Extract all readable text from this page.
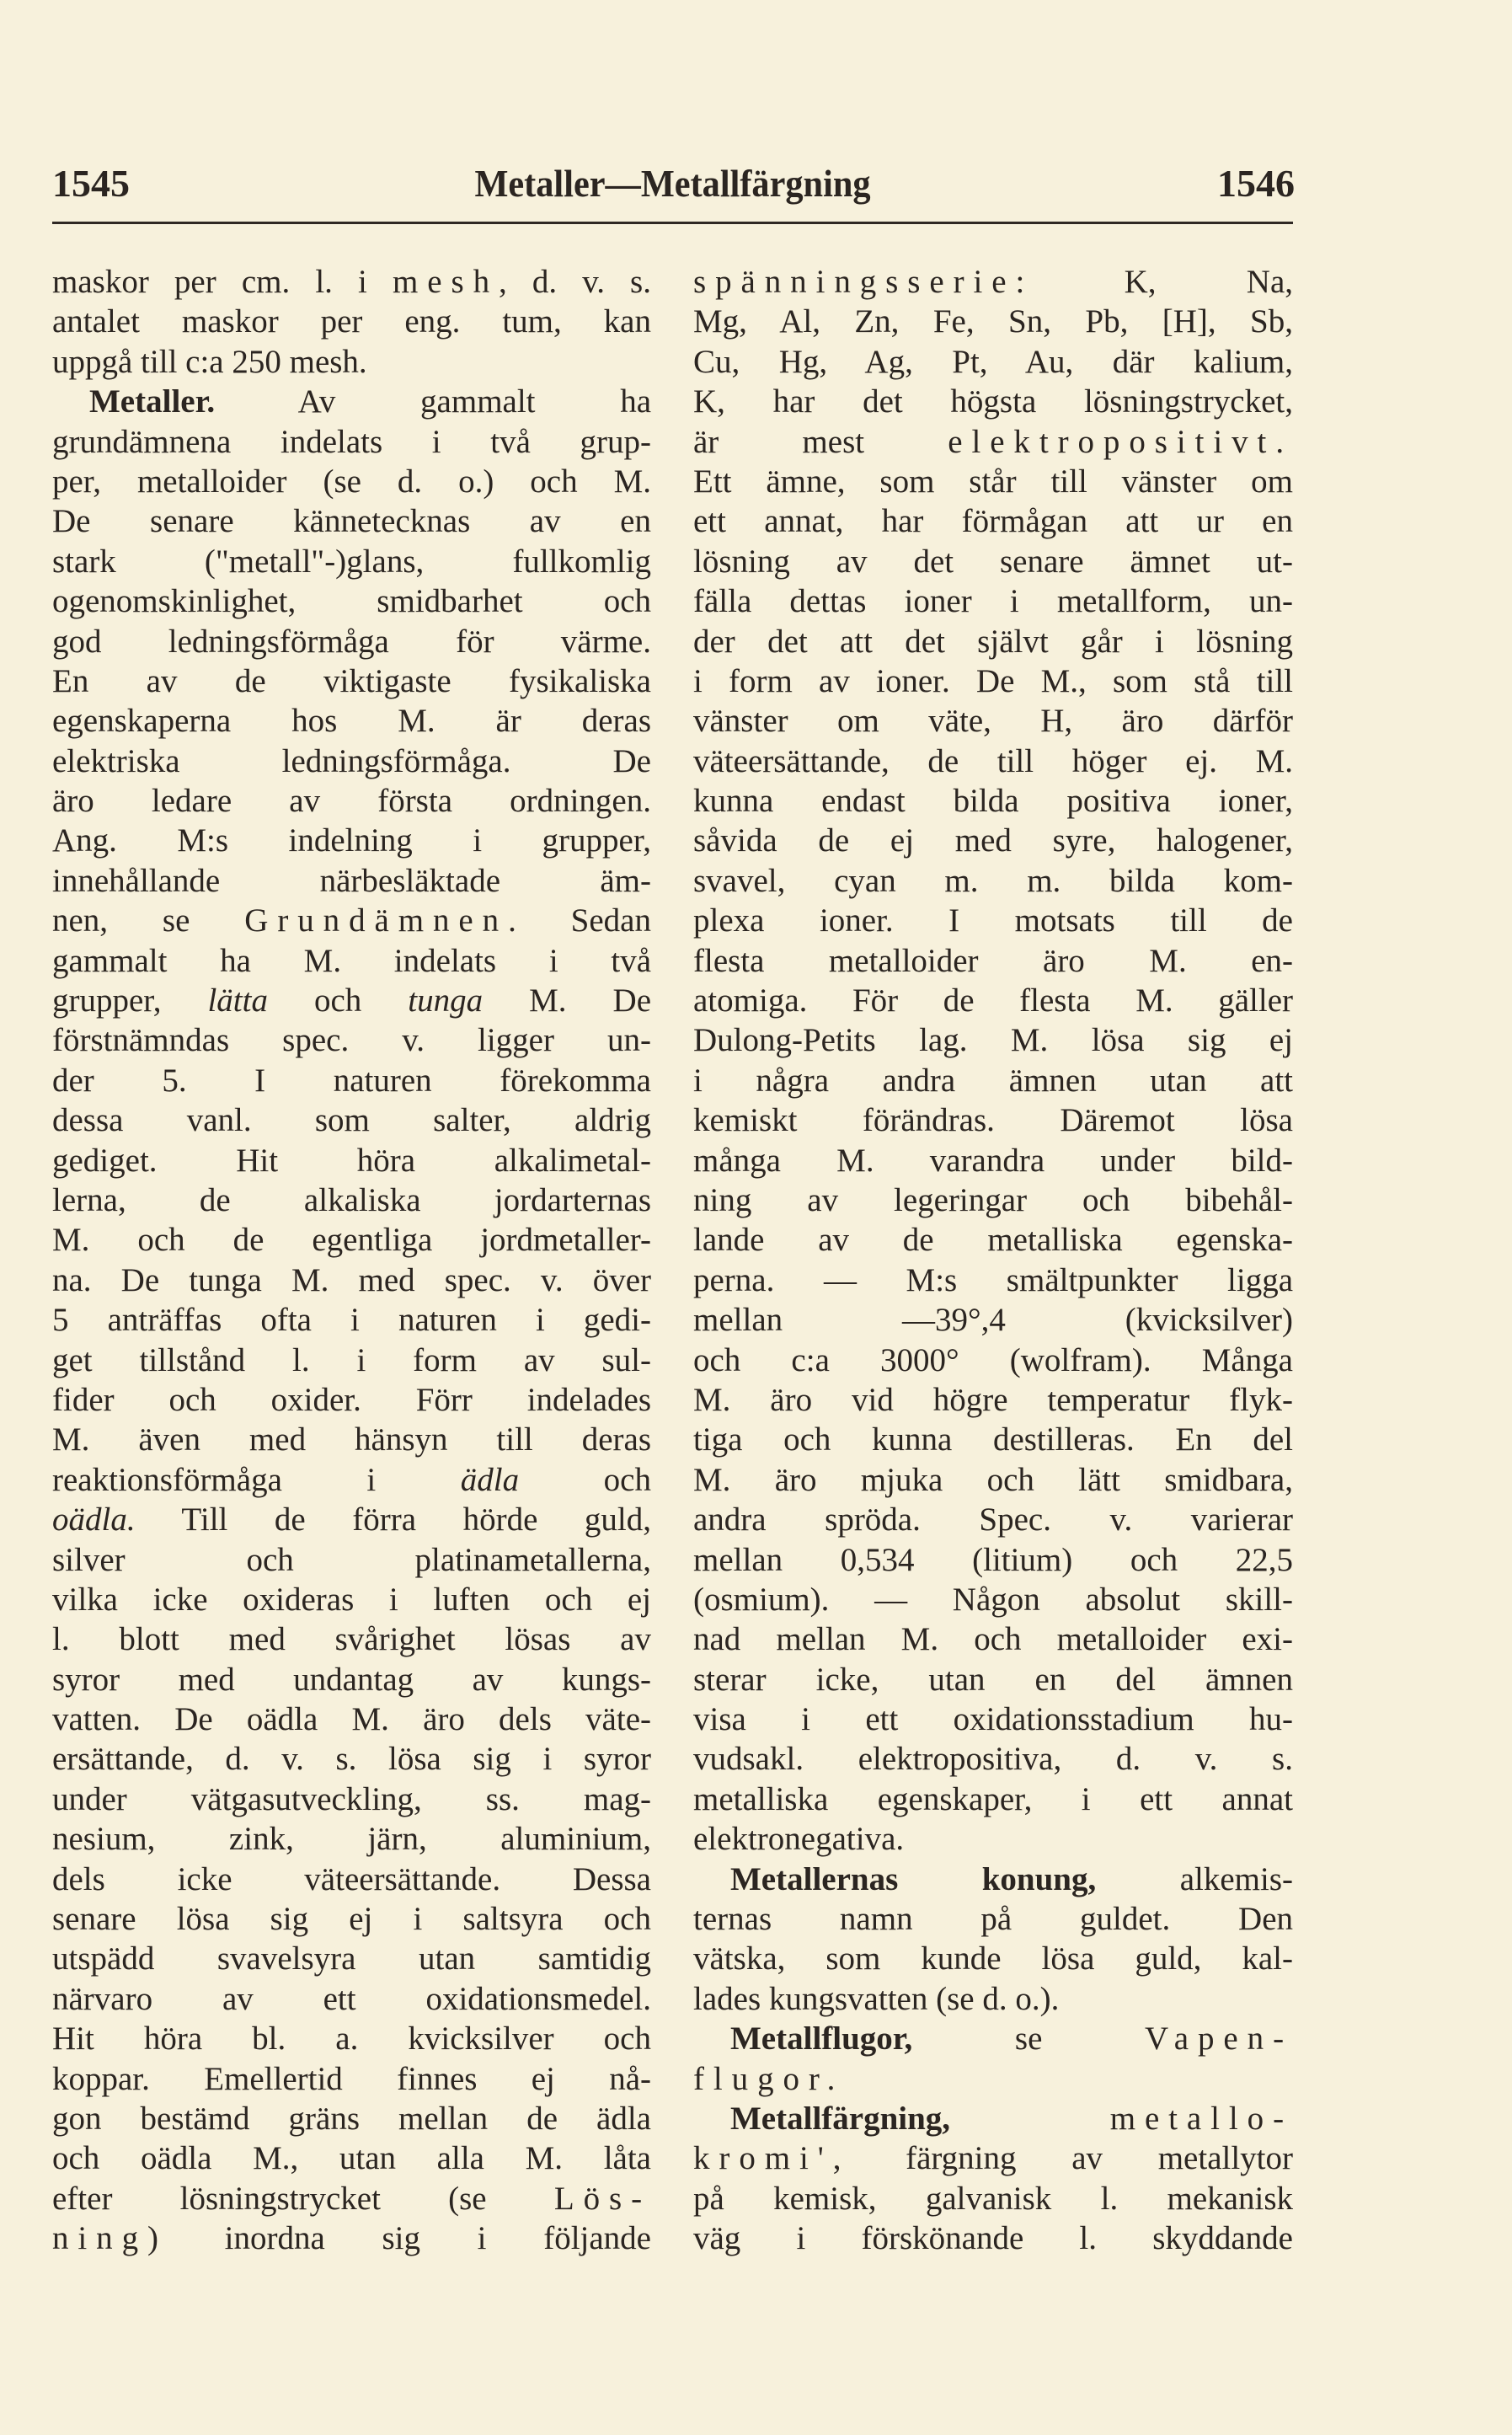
1545	Metaller—Metallfärgning	1546
maskor per cm. l. i mesh, d. v. s.
antalet maskor per eng. tum, kan
uppgå till c:a 250 mesh.
Metaller. Av gammalt ha
grundämnena indelats i två grup-
per, metalloider (se d. o.) och M.
De senare kännetecknas av en
stark ("metall"-)glans, fullkomlig
ogenomskinlighet, smidbarhet och
god ledningsförmåga för värme.
En av de viktigaste fysikaliska
egenskaperna hos M. är deras
elektriska ledningsförmåga. De
äro ledare av första ordningen.
Ang. M:s indelning i grupper,
innehållande närbesläktade äm-
nen, se Grundämnen. Sedan
gammalt ha M. indelats i två
grupper, lätta och tunga M. De
förstnämndas spec. v. ligger un-
der 5. I naturen förekomma
dessa vanl. som salter, aldrig
gediget. Hit höra alkalimetal-
lerna, de alkaliska jordarternas
M. och de egentliga jordmetaller-
na. De tunga M. med spec. v. över
5 anträffas ofta i naturen i gedi-
get tillstånd l. i form av sul-
fider och oxider. Förr indelades
M. även med hänsyn till deras
reaktionsförmåga i ädla och
oädla. Till de förra hörde guld,
silver och platinametallerna,
vilka icke oxideras i luften och ej
l. blott med svårighet lösas av
syror med undantag av kungs-
vatten. De oädla M. äro dels väte-
ersättande, d. v. s. lösa sig i syror
under vätgasutveckling, ss. mag-
nesium, zink, järn, aluminium,
dels icke väteersättande. Dessa
senare lösa sig ej i saltsyra och
utspädd svavelsyra utan samtidig
närvaro av ett oxidationsmedel.
Hit höra bl. a. kvicksilver och
koppar. Emellertid finnes ej nå-
gon bestämd gräns mellan de ädla
och oädla M., utan alla M. låta
efter lösningstrycket (se Lös-
ning) inordna sig i följande
spänningsserie: K, Na,
Mg, Al, Zn, Fe, Sn, Pb, [H], Sb,
Cu, Hg, Ag, Pt, Au, där kalium,
K, har det högsta lösningstrycket,
är mest elektropositivt.
Ett ämne, som står till vänster om
ett annat, har förmågan att ur en
lösning av det senare ämnet ut-
fälla dettas ioner i metallform, un-
der det att det självt går i lösning
i form av ioner. De M., som stå till
vänster om väte, H, äro därför
väteersättande, de till höger ej. M.
kunna endast bilda positiva ioner,
såvida de ej med syre, halogener,
svavel, cyan m. m. bilda kom-
plexa ioner. I motsats till de
flesta metalloider äro M. en-
atomiga. För de flesta M. gäller
Dulong-Petits lag. M. lösa sig ej
i några andra ämnen utan att
kemiskt förändras. Däremot lösa
många M. varandra under bild-
ning av legeringar och bibehål-
lande av de metalliska egenska-
perna. — M:s smältpunkter ligga
mellan —39°,4 (kvicksilver)
och c:a 3000° (wolfram). Många
M. äro vid högre temperatur flyk-
tiga och kunna destilleras. En del
M. äro mjuka och lätt smidbara,
andra spröda. Spec. v. varierar
mellan 0,534 (litium) och 22,5
(osmium). — Någon absolut skill-
nad mellan M. och metalloider exi-
sterar icke, utan en del ämnen
visa i ett oxidationsstadium hu-
vudsakl. elektropositiva, d. v. s.
metalliska egenskaper, i ett annat
elektronegativa.
Metallernas konung, alkemis-
ternas namn på guldet. Den
vätska, som kunde lösa guld, kal-
lades kungsvatten (se d. o.).
Metallflugor, se Vapen-
flugor.
Metallfärgning,	metallo-
kromi', färgning av metallytor
på kemisk, galvanisk l. mekanisk
väg i förskönande l. skyddande
